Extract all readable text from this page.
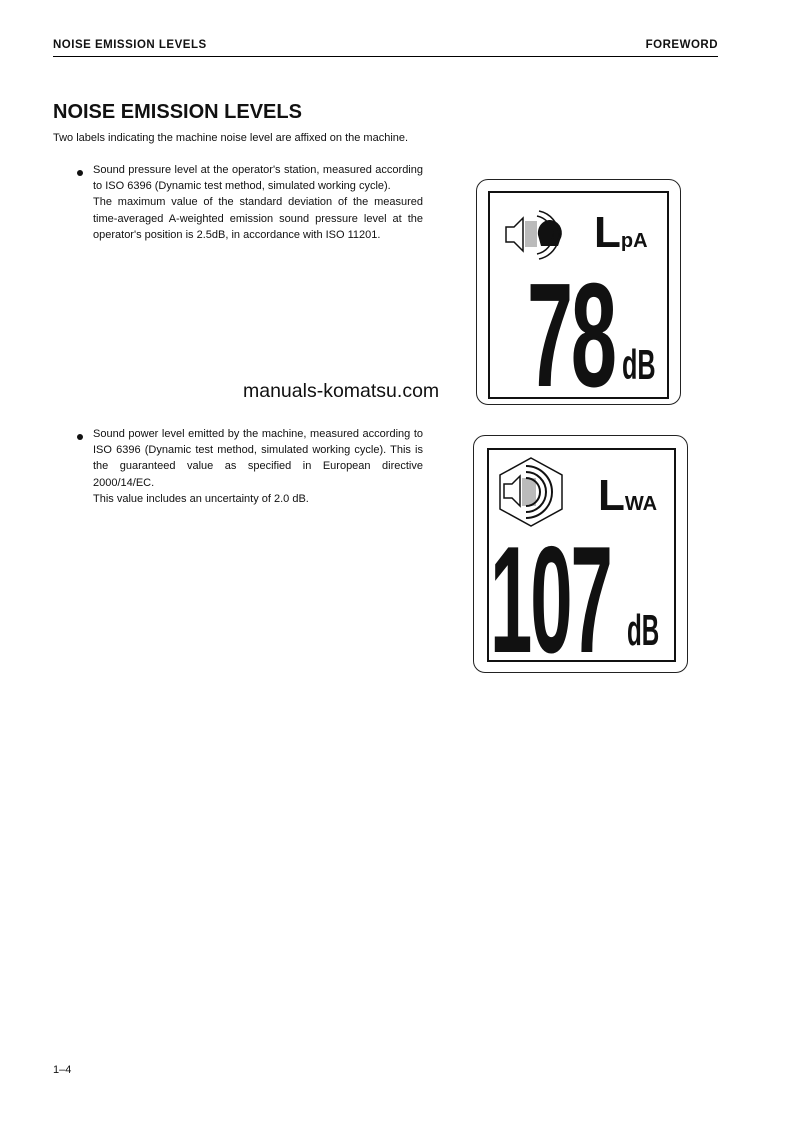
NOISE EMISSION LEVELS	FOREWORD
NOISE EMISSION LEVELS
Two labels indicating the machine noise level are affixed on the machine.

Sound pressure level at the operator's station, measured according to ISO 6396 (Dynamic test method, simulated working cycle).

The maximum value of the standard deviation of the measured time-averaged A-weighted emission sound pressure level at the operator's position is 2.5dB, in accordance with ISO 11201.

Sound power level emitted by the machine, measured according to ISO 6396 (Dynamic test method, simulated working cycle). This is the guaranteed value as specified in European directive 2000/14/EC.

This value includes an uncertainty of 2.0 dB.

LpA
78 dB
LWA
107 dB
manuals-komatsu.com
1–4
